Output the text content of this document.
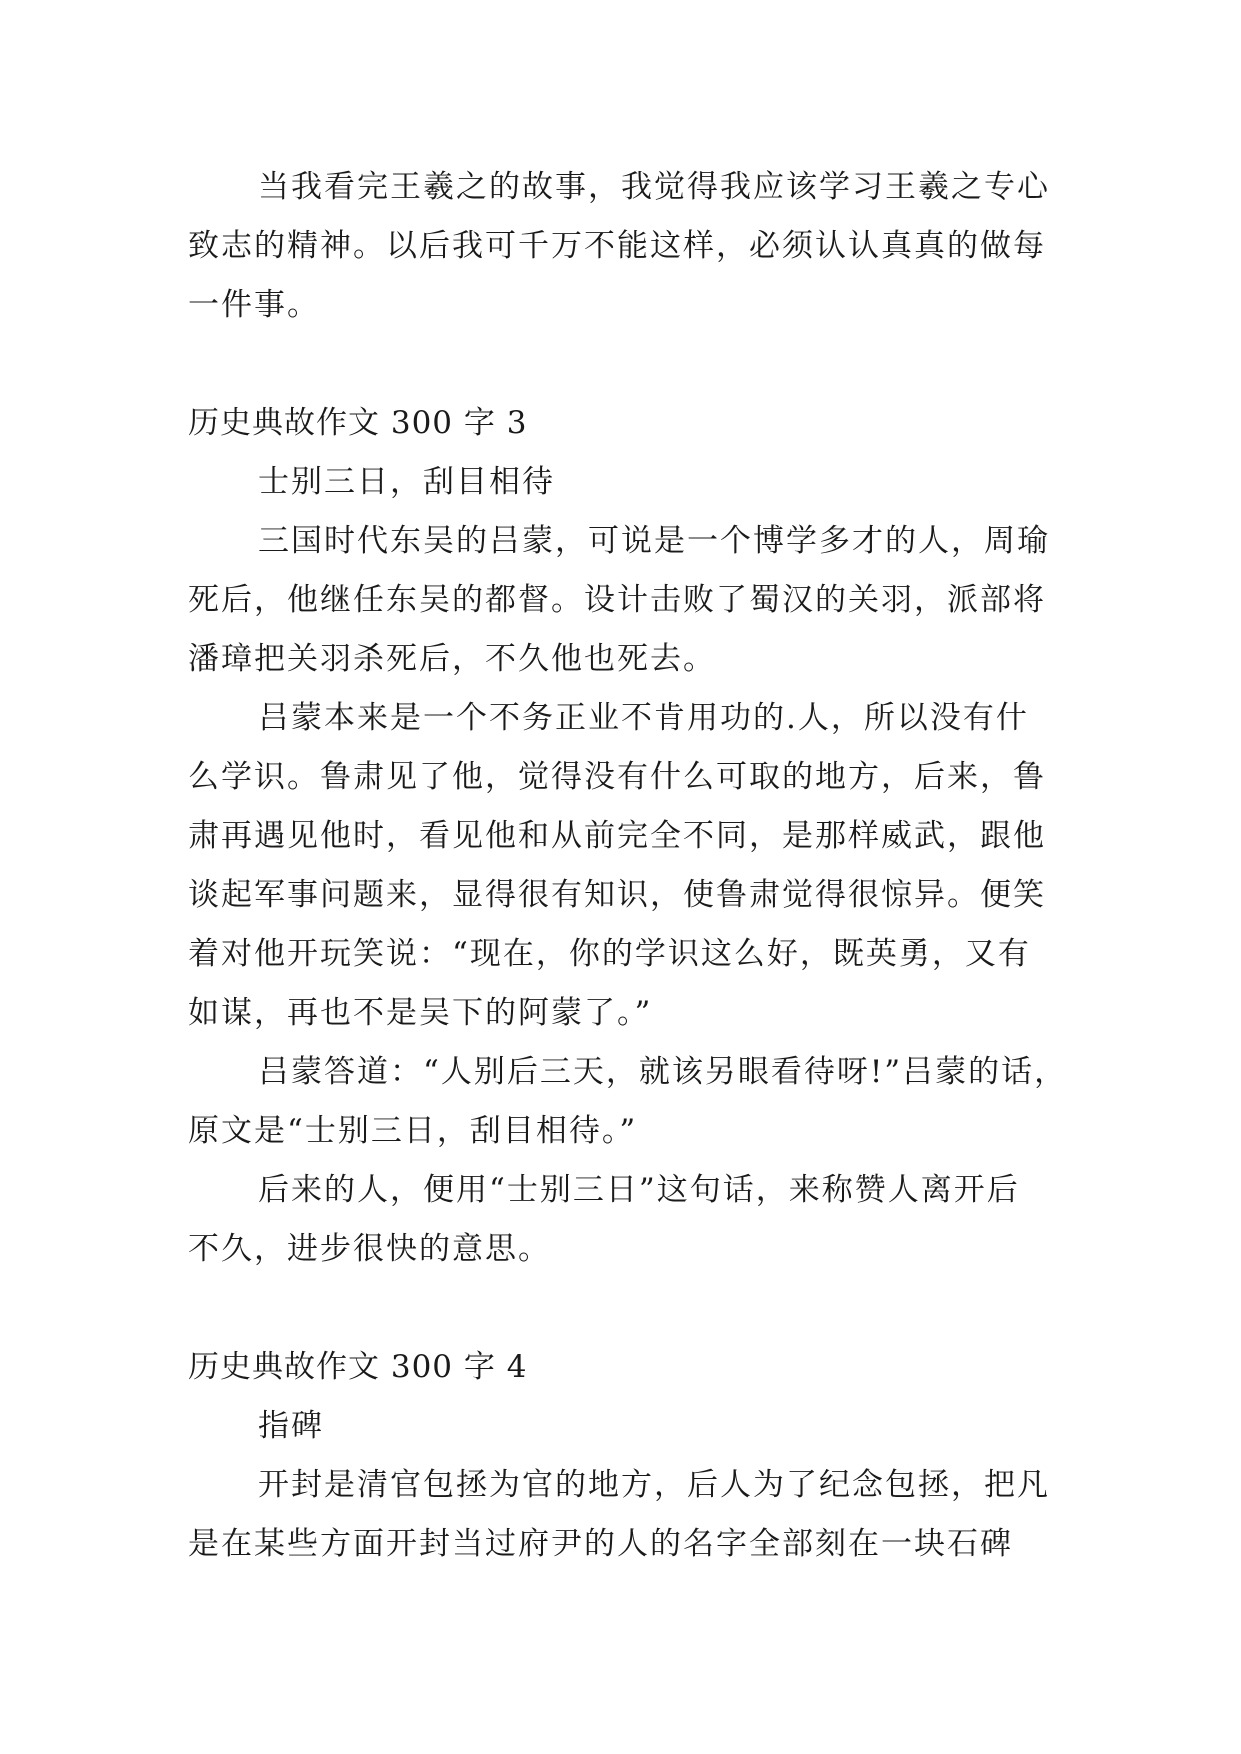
当我看完王羲之的故事，我觉得我应该学习王羲之专心
致志的精神。以后我可千万不能这样，必须认认真真的做每
一件事。
历史典故作文 300 字 3
士别三日，刮目相待
三国时代东吴的吕蒙，可说是一个博学多才的人，周瑜
死后，他继任东吴的都督。设计击败了蜀汉的关羽，派部将
潘璋把关羽杀死后，不久他也死去。
吕蒙本来是一个不务正业不肯用功的.人，所以没有什
么学识。鲁肃见了他，觉得没有什么可取的地方，后来，鲁
肃再遇见他时，看见他和从前完全不同，是那样威武，跟他
谈起军事问题来，显得很有知识，使鲁肃觉得很惊异。便笑
着对他开玩笑说：“现在，你的学识这么好，既英勇，又有
如谋，再也不是吴下的阿蒙了。”
吕蒙答道：“人别后三天，就该另眼看待呀!”吕蒙的话，
原文是“士别三日，刮目相待。”
后来的人，便用“士别三日”这句话，来称赞人离开后
不久，进步很快的意思。
历史典故作文 300 字 4
指碑
开封是清官包拯为官的地方，后人为了纪念包拯，把凡
是在某些方面开封当过府尹的人的名字全部刻在一块石碑
